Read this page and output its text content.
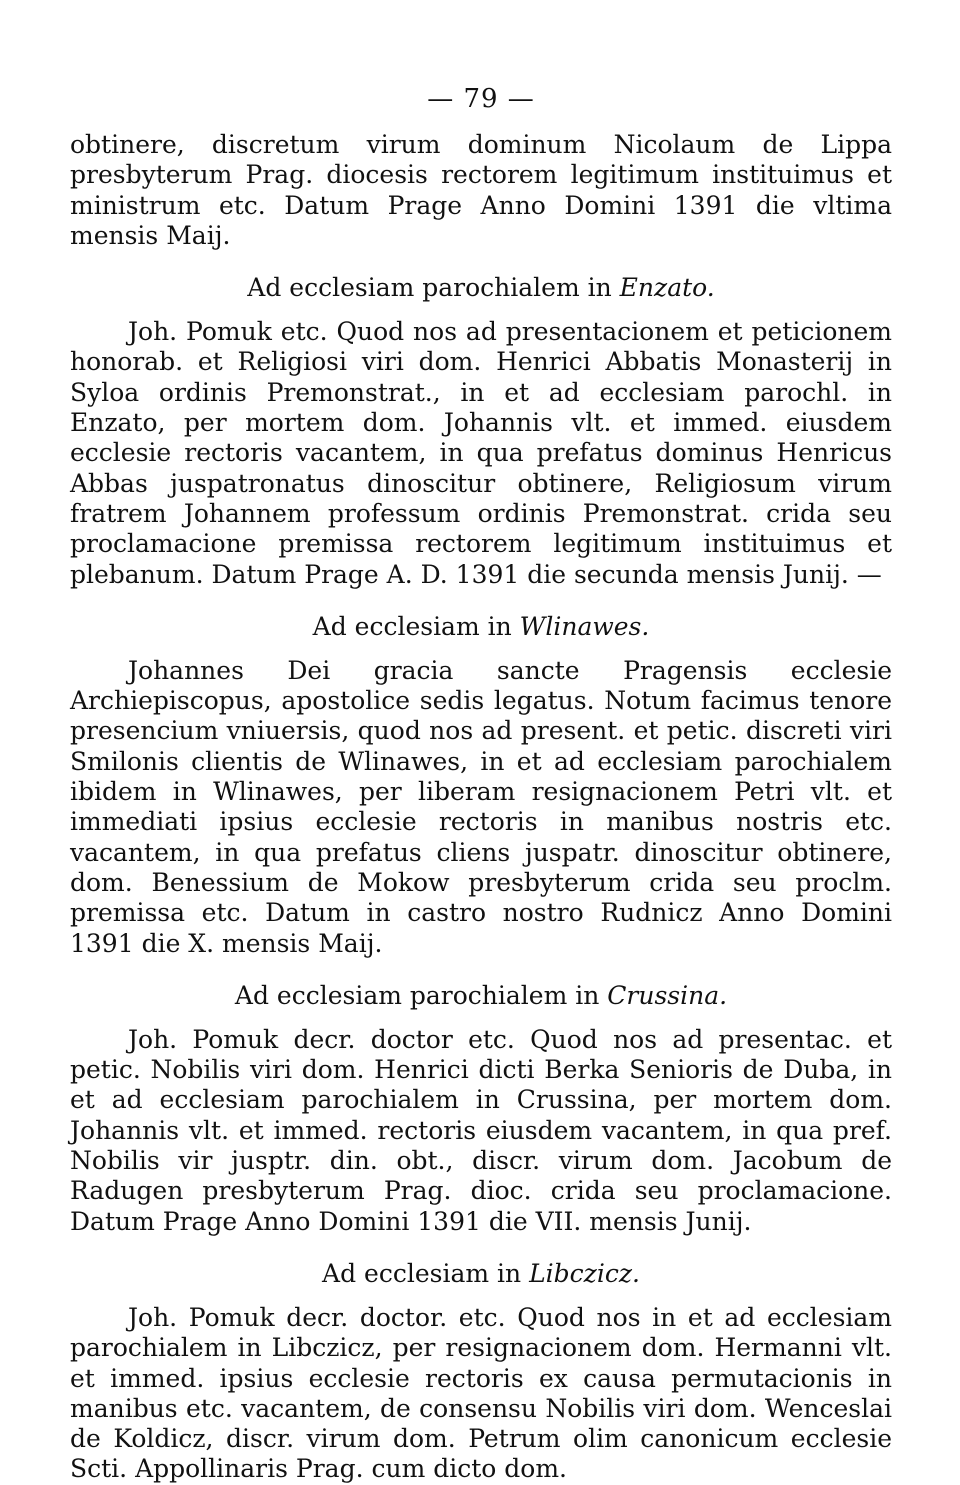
— 79 —

obtinere, discretum virum dominum Nicolaum de Lippa presbyterum Prag. diocesis rectorem legitimum instituimus et ministrum etc. Datum Prage Anno Domini 1391 die vltima mensis Maij.

Ad ecclesiam parochialem in Enzato.

Joh. Pomuk etc. Quod nos ad presentacionem et peticionem honorab. et Religiosi viri dom. Henrici Abbatis Monasterij in Syloa ordinis Premonstrat., in et ad ecclesiam parochl. in Enzato, per mortem dom. Johannis vlt. et immed. eiusdem ecclesie rectoris vacantem, in qua prefatus dominus Henricus Abbas juspatronatus dinoscitur obtinere, Religiosum virum fratrem Johannem professum ordinis Premonstrat. crida seu proclamacione premissa rectorem legitimum instituimus et plebanum. Datum Prage A. D. 1391 die secunda mensis Junij. —

Ad ecclesiam in Wlinawes.

Johannes Dei gracia sancte Pragensis ecclesie Archiepiscopus, apostolice sedis legatus. Notum facimus tenore presencium vniuersis, quod nos ad present. et petic. discreti viri Smilonis clientis de Wlinawes, in et ad ecclesiam parochialem ibidem in Wlinawes, per liberam resignacionem Petri vlt. et immediati ipsius ecclesie rectoris in manibus nostris etc. vacantem, in qua prefatus cliens juspatr. dinoscitur obtinere, dom. Benessium de Mokow presbyterum crida seu proclm. premissa etc. Datum in castro nostro Rudnicz Anno Domini 1391 die X. mensis Maij.

Ad ecclesiam parochialem in Crussina.

Joh. Pomuk decr. doctor etc. Quod nos ad presentac. et petic. Nobilis viri dom. Henrici dicti Berka Senioris de Duba, in et ad ecclesiam parochialem in Crussina, per mortem dom. Johannis vlt. et immed. rectoris eiusdem vacantem, in qua pref. Nobilis vir jusptr. din. obt., discr. virum dom. Jacobum de Radugen presbyterum Prag. dioc. crida seu proclamacione. Datum Prage Anno Domini 1391 die VII. mensis Junij.

Ad ecclesiam in Libczicz.

Joh. Pomuk decr. doctor. etc. Quod nos in et ad ecclesiam parochialem in Libczicz, per resignacionem dom. Hermanni vlt. et immed. ipsius ecclesie rectoris ex causa permutacionis in manibus etc. vacantem, de consensu Nobilis viri dom. Wenceslai de Koldicz, discr. virum dom. Petrum olim canonicum ecclesie Scti. Appollinaris Prag. cum dicto dom.
